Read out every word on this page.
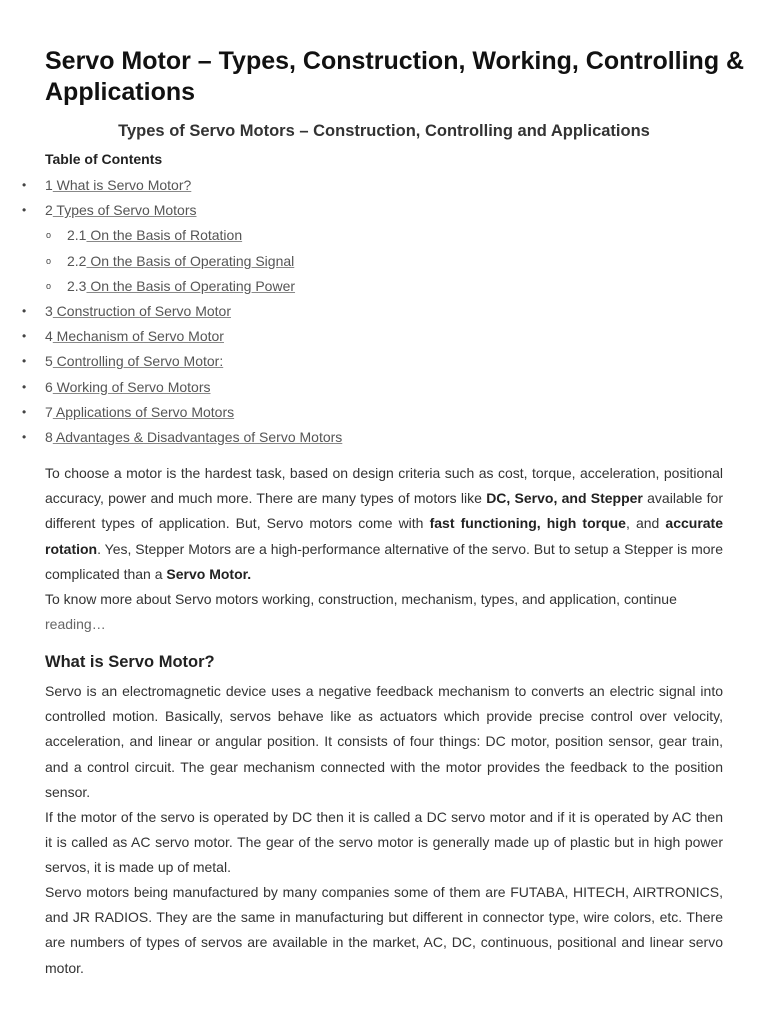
Servo Motor – Types, Construction, Working, Controlling & Applications
Types of Servo Motors – Construction, Controlling and Applications
Table of Contents
• 1 What is Servo Motor?
• 2 Types of Servo Motors
o 2.1 On the Basis of Rotation
o 2.2 On the Basis of Operating Signal
o 2.3 On the Basis of Operating Power
• 3 Construction of Servo Motor
• 4 Mechanism of Servo Motor
• 5 Controlling of Servo Motor:
• 6 Working of Servo Motors
• 7 Applications of Servo Motors
• 8 Advantages & Disadvantages of Servo Motors

To choose a motor is the hardest task, based on design criteria such as cost, torque, acceleration, positional accuracy, power and much more. There are many types of motors like DC, Servo, and Stepper available for different types of application. But, Servo motors come with fast functioning, high torque, and accurate rotation. Yes, Stepper Motors are a high-performance alternative of the servo. But to setup a Stepper is more complicated than a Servo Motor.

To know more about Servo motors working, construction, mechanism, types, and application, continue
reading…

What is Servo Motor?

Servo is an electromagnetic device uses a negative feedback mechanism to converts an electric signal into controlled motion. Basically, servos behave like as actuators which provide precise control over velocity, acceleration, and linear or angular position. It consists of four things: DC motor, position sensor, gear train, and a control circuit. The gear mechanism connected with the motor provides the feedback to the position sensor.

If the motor of the servo is operated by DC then it is called a DC servo motor and if it is operated by AC then it is called as AC servo motor. The gear of the servo motor is generally made up of plastic but in high power servos, it is made up of metal.

Servo motors being manufactured by many companies some of them are FUTABA, HITECH, AIRTRONICS, and JR RADIOS. They are the same in manufacturing but different in connector type, wire colors, etc. There are numbers of types of servos are available in the market, AC, DC, continuous, positional and linear servo motor.
